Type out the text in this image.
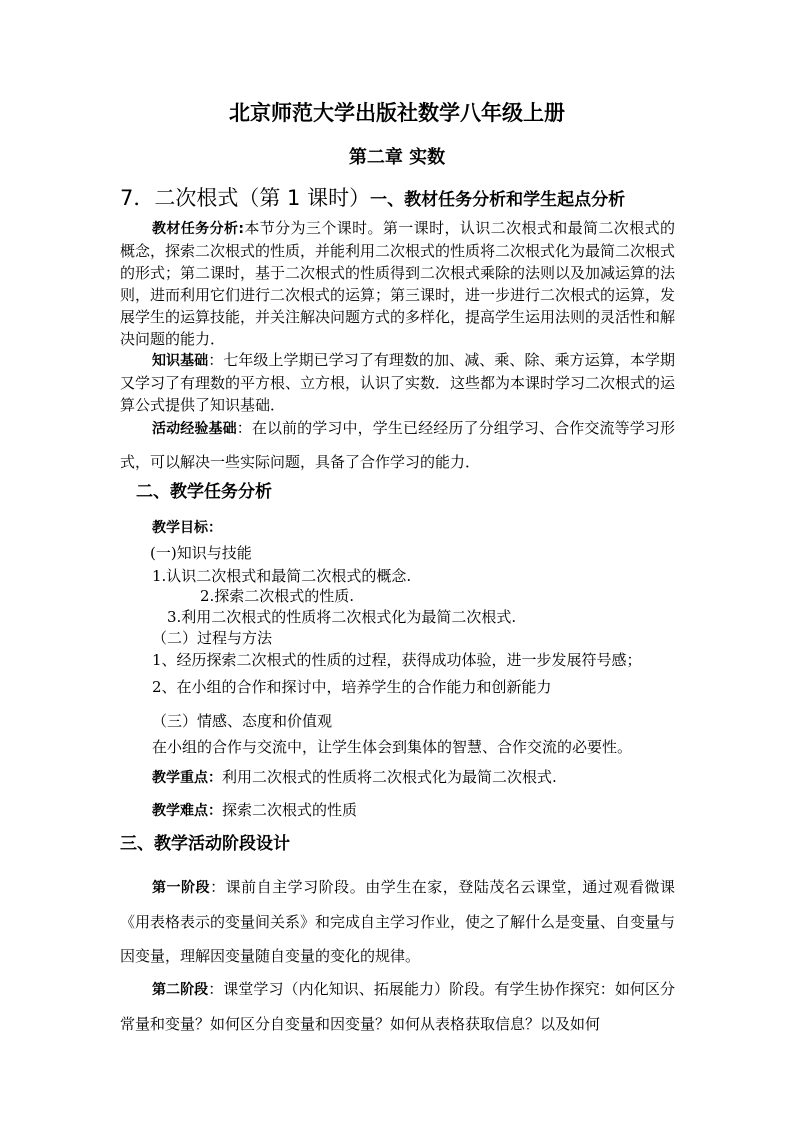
北京师范大学出版社数学八年级上册
第二章 实数
7．二次根式（第 1 课时）一、教材任务分析和学生起点分析
教材任务分析:本节分为三个课时。第一课时，认识二次根式和最简二次根式的概念，探索二次根式的性质，并能利用二次根式的性质将二次根式化为最简二次根式的形式；第二课时，基于二次根式的性质得到二次根式乘除的法则以及加减运算的法则，进而利用它们进行二次根式的运算；第三课时，进一步进行二次根式的运算，发展学生的运算技能，并关注解决问题方式的多样化，提高学生运用法则的灵活性和解决问题的能力．
知识基础：七年级上学期已学习了有理数的加、减、乘、除、乘方运算，本学期又学习了有理数的平方根、立方根，认识了实数．这些都为本课时学习二次根式的运算公式提供了知识基础．
活动经验基础：在以前的学习中，学生已经经历了分组学习、合作交流等学习形式，可以解决一些实际问题，具备了合作学习的能力．
二、教学任务分析
教学目标：
(一)知识与技能
1.认识二次根式和最简二次根式的概念.
2.探索二次根式的性质.
3.利用二次根式的性质将二次根式化为最简二次根式.
（二）过程与方法
1、经历探索二次根式的性质的过程，获得成功体验，进一步发展符号感；
2、在小组的合作和探讨中，培养学生的合作能力和创新能力
（三）情感、态度和价值观
在小组的合作与交流中，让学生体会到集体的智慧、合作交流的必要性。
教学重点：利用二次根式的性质将二次根式化为最简二次根式.
教学难点：探索二次根式的性质
三、教学活动阶段设计
第一阶段：课前自主学习阶段。由学生在家，登陆茂名云课堂，通过观看微课《用表格表示的变量间关系》和完成自主学习作业，使之了解什么是变量、自变量与因变量，理解因变量随自变量的变化的规律。
第二阶段：课堂学习（内化知识、拓展能力）阶段。有学生协作探究：如何区分常量和变量？如何区分自变量和因变量？如何从表格获取信息？以及如何
